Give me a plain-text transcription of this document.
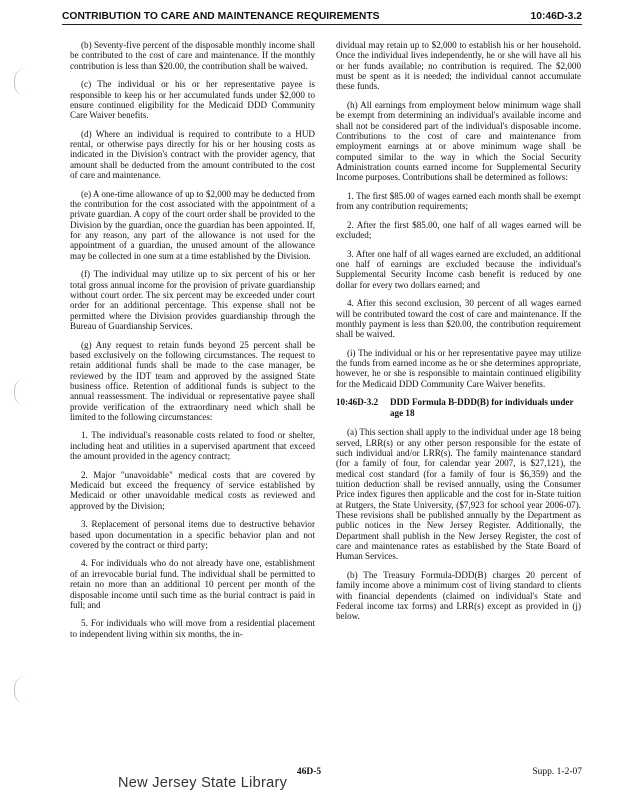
CONTRIBUTION TO CARE AND MAINTENANCE REQUIREMENTS	10:46D-3.2

(b) Seventy-five percent of the disposable monthly income shall be contributed to the cost of care and maintenance. If the monthly contribution is less than $20.00, the contribution shall be waived.

(c) The individual or his or her representative payee is responsible to keep his or her accumulated funds under $2,000 to ensure continued eligibility for the Medicaid DDD Community Care Waiver benefits.

(d) Where an individual is required to contribute to a HUD rental, or otherwise pays directly for his or her housing costs as indicated in the Division's contract with the provider agency, that amount shall be deducted from the amount contributed to the cost of care and maintenance.

(e) A one-time allowance of up to $2,000 may be deducted from the contribution for the cost associated with the appointment of a private guardian. A copy of the court order shall be provided to the Division by the guardian, once the guardian has been appointed. If, for any reason, any part of the allowance is not used for the appointment of a guardian, the unused amount of the allowance may be collected in one sum at a time established by the Division.

(f) The individual may utilize up to six percent of his or her total gross annual income for the provision of private guardianship without court order. The six percent may be exceeded under court order for an additional percentage. This expense shall not be permitted where the Division provides guardianship through the Bureau of Guardianship Services.

(g) Any request to retain funds beyond 25 percent shall be based exclusively on the following circumstances. The request to retain additional funds shall be made to the case manager, be reviewed by the IDT team and approved by the assigned State business office. Retention of additional funds is subject to the annual reassessment. The individual or representative payee shall provide verification of the extraordinary need which shall be limited to the following circumstances:

1. The individual's reasonable costs related to food or shelter, including heat and utilities in a supervised apartment that exceed the amount provided in the agency contract;

2. Major "unavoidable" medical costs that are covered by Medicaid but exceed the frequency of service established by Medicaid or other unavoidable medical costs as reviewed and approved by the Division;

3. Replacement of personal items due to destructive behavior based upon documentation in a specific behavior plan and not covered by the contract or third party;

4. For individuals who do not already have one, establishment of an irrevocable burial fund. The individual shall be permitted to retain no more than an additional 10 percent per month of the disposable income until such time as the burial contract is paid in full; and

5. For individuals who will move from a residential placement to independent living within six months, the in-

dividual may retain up to $2,000 to establish his or her household. Once the individual lives independently, he or she will have all his or her funds available; no contribution is required. The $2,000 must be spent as it is needed; the individual cannot accumulate these funds.

(h) All earnings from employment below minimum wage shall be exempt from determining an individual's available income and shall not be considered part of the individual's disposable income. Contributions to the cost of care and maintenance from employment earnings at or above minimum wage shall be computed similar to the way in which the Social Security Administration counts earned income for Supplemental Security Income purposes. Contributions shall be determined as follows:

1. The first $85.00 of wages earned each month shall be exempt from any contribution requirements;

2. After the first $85.00, one half of all wages earned will be excluded;

3. After one half of all wages earned are excluded, an additional one half of earnings are excluded because the individual's Supplemental Security Income cash benefit is reduced by one dollar for every two dollars earned; and

4. After this second exclusion, 30 percent of all wages earned will be contributed toward the cost of care and maintenance. If the monthly payment is less than $20.00, the contribution requirement shall be waived.

(i) The individual or his or her representative payee may utilize the funds from earned income as he or she determines appropriate, however, he or she is responsible to maintain continued eligibility for the Medicaid DDD Community Care Waiver benefits.

10:46D-3.2	DDD Formula B-DDD(B) for individuals under age 18

(a) This section shall apply to the individual under age 18 being served, LRR(s) or any other person responsible for the estate of such individual and/or LRR(s). The family maintenance standard (for a family of four, for calendar year 2007, is $27,121), the medical cost standard (for a family of four is $6,359) and the tuition deduction shall be revised annually, using the Consumer Price index figures then applicable and the cost for in-State tuition at Rutgers, the State University, ($7,923 for school year 2006-07). These revisions shall be published annually by the Department as public notices in the New Jersey Register. Additionally, the Department shall publish in the New Jersey Register, the cost of care and maintenance rates as established by the State Board of Human Services.

(b) The Treasury Formula-DDD(B) charges 20 percent of family income above a minimum cost of living standard to clients with financial dependents (claimed on individual's State and Federal income tax forms) and LRR(s) except as provided in (j) below.

46D-5	Supp. 1-2-07
New Jersey State Library
